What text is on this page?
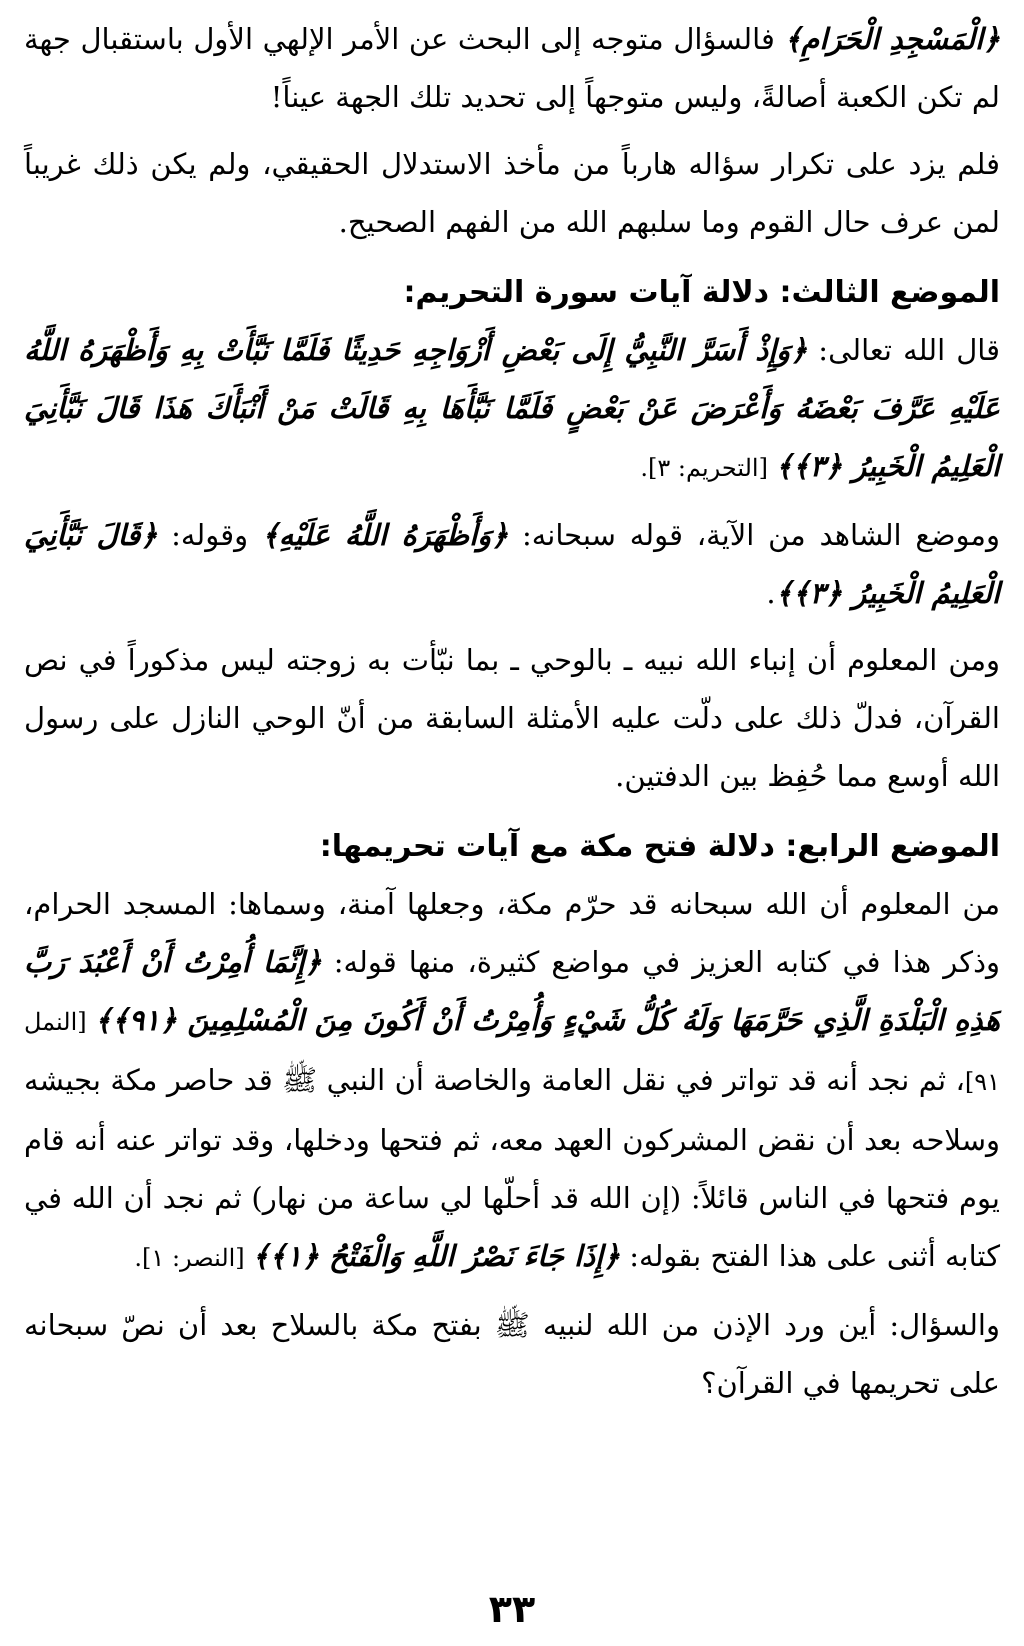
﴿الْمَسْجِدِ الْحَرَامِ﴾ فالسؤال متوجه إلى البحث عن الأمر الإلهي الأول باستقبال جهة لم تكن الكعبة أصالةً، وليس متوجهاً إلى تحديد تلك الجهة عيناً!

فلم يزد على تكرار سؤاله هارباً من مأخذ الاستدلال الحقيقي، ولم يكن ذلك غريباً لمن عرف حال القوم وما سلبهم الله من الفهم الصحيح.

الموضع الثالث: دلالة آيات سورة التحريم:

قال الله تعالى: ﴿وَإِذْ أَسَرَّ النَّبِيُّ إِلَى بَعْضِ أَزْوَاجِهِ حَدِيثًا فَلَمَّا نَبَّأَتْ بِهِ وَأَظْهَرَهُ اللَّهُ عَلَيْهِ عَرَّفَ بَعْضَهُ وَأَعْرَضَ عَنْ بَعْضٍ فَلَمَّا نَبَّأَهَا بِهِ قَالَتْ مَنْ أَنْبَأَكَ هَذَا قَالَ نَبَّأَنِيَ الْعَلِيمُ الْخَبِيرُ ﴿٣﴾﴾ [التحريم: ٣].

وموضع الشاهد من الآية، قوله سبحانه: ﴿وَأَظْهَرَهُ اللَّهُ عَلَيْهِ﴾ وقوله: ﴿قَالَ نَبَّأَنِيَ الْعَلِيمُ الْخَبِيرُ ﴿٣﴾﴾.

ومن المعلوم أن إنباء الله نبيه ـ بالوحي ـ بما نبّأت به زوجته ليس مذكوراً في نص القرآن، فدلّ ذلك على دلّت عليه الأمثلة السابقة من أنّ الوحي النازل على رسول الله أوسع مما حُفِظ بين الدفتين.

الموضع الرابع: دلالة فتح مكة مع آيات تحريمها:

من المعلوم أن الله سبحانه قد حرّم مكة، وجعلها آمنة، وسماها: المسجد الحرام، وذكر هذا في كتابه العزيز في مواضع كثيرة، منها قوله: ﴿إِنَّمَا أُمِرْتُ أَنْ أَعْبُدَ رَبَّ هَذِهِ الْبَلْدَةِ الَّذِي حَرَّمَهَا وَلَهُ كُلُّ شَيْءٍ وَأُمِرْتُ أَنْ أَكُونَ مِنَ الْمُسْلِمِينَ ﴿٩١﴾﴾ [النمل ٩١]، ثم نجد أنه قد تواتر في نقل العامة والخاصة أن النبي ﷺ قد حاصر مكة بجيشه وسلاحه بعد أن نقض المشركون العهد معه، ثم فتحها ودخلها، وقد تواتر عنه أنه قام يوم فتحها في الناس قائلاً: (إن الله قد أحلّها لي ساعة من نهار) ثم نجد أن الله في كتابه أثنى على هذا الفتح بقوله: ﴿إِذَا جَاءَ نَصْرُ اللَّهِ وَالْفَتْحُ ﴿١﴾﴾ [النصر: ١].

والسؤال: أين ورد الإذن من الله لنبيه ﷺ بفتح مكة بالسلاح بعد أن نصّ سبحانه على تحريمها في القرآن؟

٣٣
